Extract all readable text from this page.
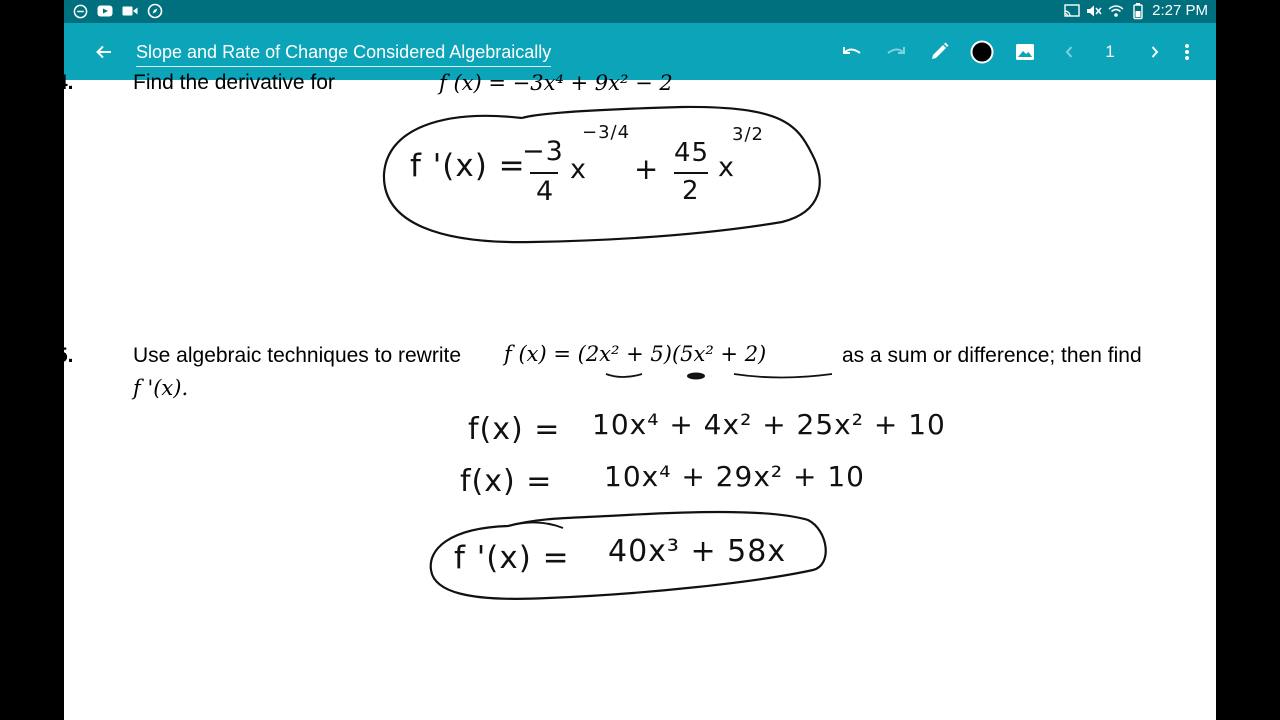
2:27 PM
Slope and Rate of Change Considered Algebraically	1
4.	Find the derivative for	f (x) = −3x⁴ + 9x² − 2
f '(x) =
−3
4
x
−3/4
+ 45
2
x
3/2
5.	Use algebraic techniques to rewrite f (x) = (2x² + 5)(5x² + 2)	as a sum or difference; then find
f '(x).
f(x) = 10x⁴ + 4x² + 25x² + 10
f(x) = 10x⁴ + 29x² + 10
f '(x) = 40x³ + 58x
